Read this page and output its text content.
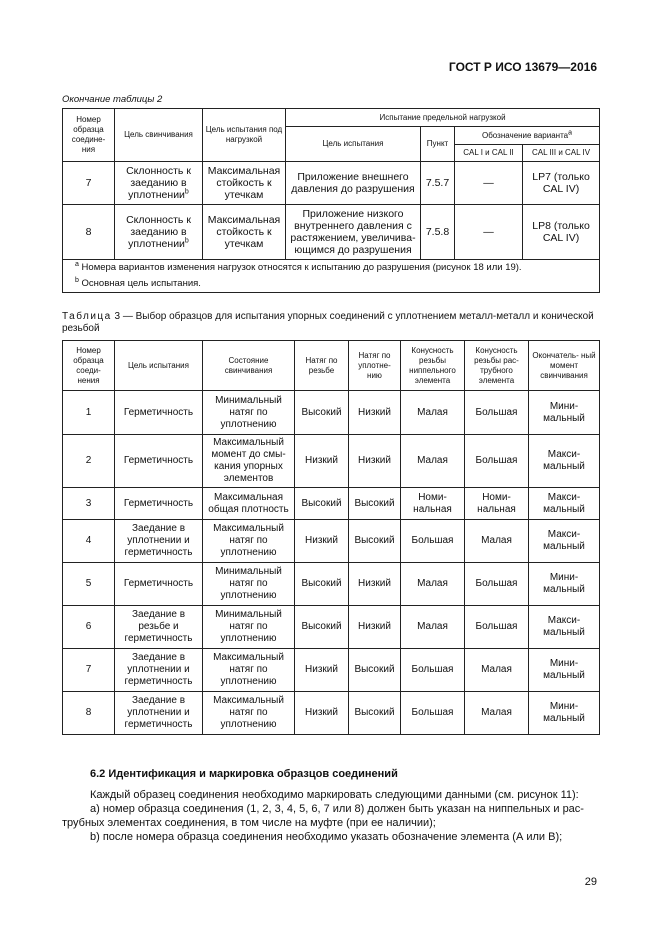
ГОСТ Р ИСО 13679—2016
Окончание таблицы 2
Номер образца соедине- ния	Цель свинчивания	Цель испытания под нагрузкой	Испытание предельной нагрузкой			
			Цель испытания	Пункт	Обозначение варианта$^а$
					CAL I и CAL II	CAL III и CAL IV
7	Склонность к заеданию в уплотнении$^b$	Максимальная стойкость к утечкам	Приложение внешнего давления до разрушения	7.5.7	—	LP7 (только CAL IV)
8	Склонность к заеданию в уплотнении$^b$	Максимальная стойкость к утечкам	Приложение низкого внутреннего давления с растяжением, увеличива- ющимся до разрушения	7.5.8	—	LP8 (только CAL IV)
$^а$ Номера вариантов изменения нагрузок относятся к испытанию до разрушения (рисунок 18 или 19).						
$^b$ Основная цель испытания.						
Таблица 3 — Выбор образцов для испытания упорных соединений с уплотнением металл-металл и конической резьбой
Номер образца соеди- нения	Цель испытания	Состояние свинчивания	Натяг по резьбе	Натяг по уплотне- нию	Конусность резьбы ниппельного элемента	Конусность резьбы рас- трубного элемента	Окончатель- ный момент свинчивания
1	Герметичность	Минимальный натяг по уплотнению	Высокий	Низкий	Малая	Большая	Мини- мальный
2	Герметичность	Максимальный момент до смы- кания упорных элементов	Низкий	Низкий	Малая	Большая	Макси- мальный
3	Герметичность	Максимальная общая плотность	Высокий	Высокий	Номи- нальная	Номи- нальная	Макси- мальный
4	Заедание в уплотнении и герметичность	Максимальный натяг по уплотнению	Низкий	Высокий	Большая	Малая	Макси- мальный
5	Герметичность	Минимальный натяг по уплотнению	Высокий	Низкий	Малая	Большая	Мини- мальный
6	Заедание в резьбе и герметичность	Минимальный натяг по уплотнению	Высокий	Низкий	Малая	Большая	Макси- мальный
7	Заедание в уплотнении и герметичность	Максимальный натяг по уплотнению	Низкий	Высокий	Большая	Малая	Мини- мальный
8	Заедание в уплотнении и герметичность	Максимальный натяг по уплотнению	Низкий	Высокий	Большая	Малая	Мини- мальный
6.2 Идентификация и маркировка образцов соединений
Каждый образец соединения необходимо маркировать следующими данными (см. рисунок 11):
а) номер образца соединения (1, 2, 3, 4, 5, 6, 7 или 8) должен быть указан на ниппельных и рас- трубных элементах соединения, в том числе на муфте (при ее наличии);
b) после номера образца соединения необходимо указать обозначение элемента (А или В);
29
